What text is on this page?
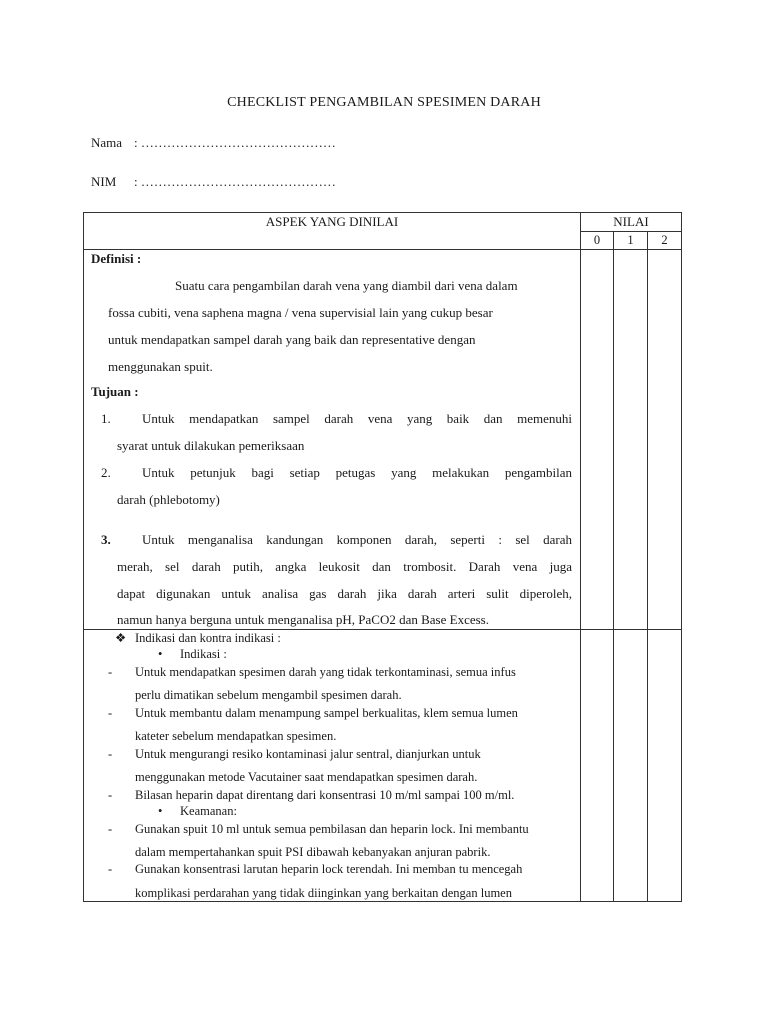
CHECKLIST PENGAMBILAN SPESIMEN DARAH
Nama : ………………………………………
NIM : ………………………………………
ASPEK YANG DINILAI	NILAI
0	1	2
Definisi :
Suatu cara pengambilan darah vena yang diambil dari vena dalam
fossa cubiti, vena saphena magna / vena supervisial lain yang cukup besar
untuk mendapatkan sampel darah yang baik dan representative dengan
menggunakan spuit.
Tujuan :
1. Untuk mendapatkan sampel darah vena yang baik dan memenuhi
syarat untuk dilakukan pemeriksaan
2. Untuk petunjuk bagi setiap petugas yang melakukan pengambilan
darah (phlebotomy)
3. Untuk menganalisa kandungan komponen darah, seperti : sel darah
merah, sel darah putih, angka leukosit dan trombosit. Darah vena juga
dapat digunakan untuk analisa gas darah jika darah arteri sulit diperoleh,
namun hanya berguna untuk menganalisa pH, PaCO2 dan Base Excess.
❖ Indikasi dan kontra indikasi :
• Indikasi :
- Untuk mendapatkan spesimen darah yang tidak terkontaminasi, semua infus
perlu dimatikan sebelum mengambil spesimen darah.
- Untuk membantu dalam menampung sampel berkualitas, klem semua lumen
kateter sebelum mendapatkan spesimen.
- Untuk mengurangi resiko kontaminasi jalur sentral, dianjurkan untuk
menggunakan metode Vacutainer saat mendapatkan spesimen darah.
- Bilasan heparin dapat direntang dari konsentrasi 10 m/ml sampai 100 m/ml.
• Keamanan:
- Gunakan spuit 10 ml untuk semua pembilasan dan heparin lock. Ini membantu
dalam mempertahankan spuit PSI dibawah kebanyakan anjuran pabrik.
- Gunakan konsentrasi larutan heparin lock terendah. Ini memban tu mencegah
komplikasi perdarahan yang tidak diinginkan yang berkaitan dengan lumen
